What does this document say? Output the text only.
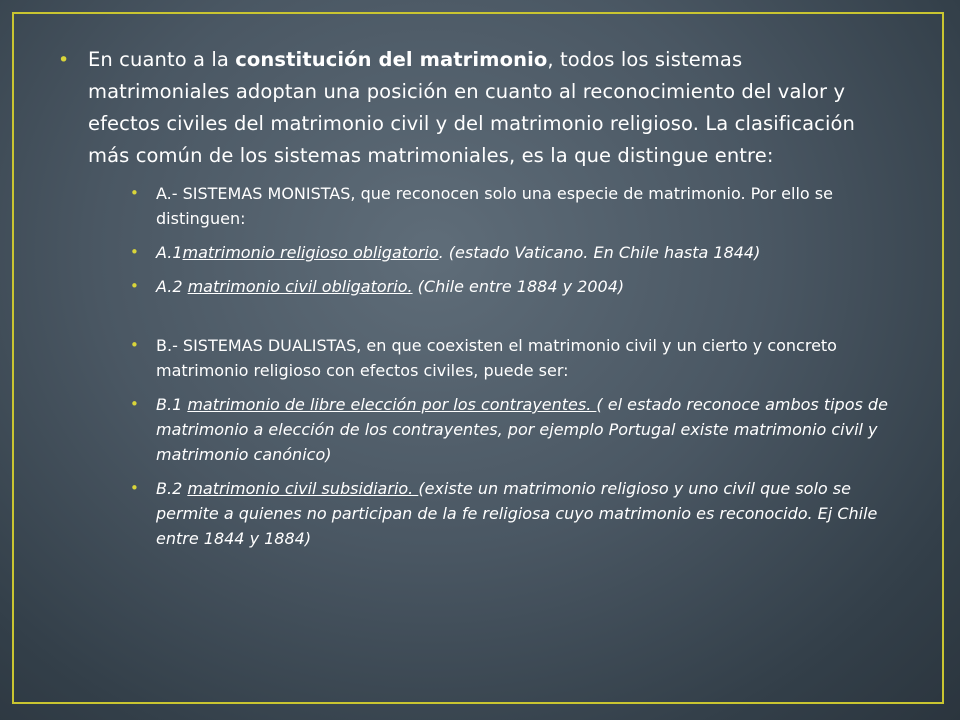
• En cuanto a la constitución del matrimonio, todos los sistemas matrimoniales adoptan una posición en cuanto al reconocimiento del valor y efectos civiles del matrimonio civil y del matrimonio religioso. La clasificación más común de los sistemas matrimoniales, es la que distingue entre:
• A.- SISTEMAS MONISTAS, que reconocen solo una especie de matrimonio. Por ello se distinguen:
• A.1matrimonio religioso obligatorio. (estado Vaticano. En Chile hasta 1844)
• A.2 matrimonio civil obligatorio. (Chile entre 1884 y 2004)
• B.- SISTEMAS DUALISTAS, en que coexisten el matrimonio civil y un cierto y concreto matrimonio religioso con efectos civiles, puede ser:
• B.1 matrimonio de libre elección por los contrayentes. ( el estado reconoce ambos tipos de matrimonio a elección de los contrayentes, por ejemplo Portugal existe matrimonio civil y matrimonio canónico)
• B.2 matrimonio civil subsidiario. (existe un matrimonio religioso y uno civil que solo se permite a quienes no participan de la fe religiosa cuyo matrimonio es reconocido. Ej Chile entre 1844 y 1884)
